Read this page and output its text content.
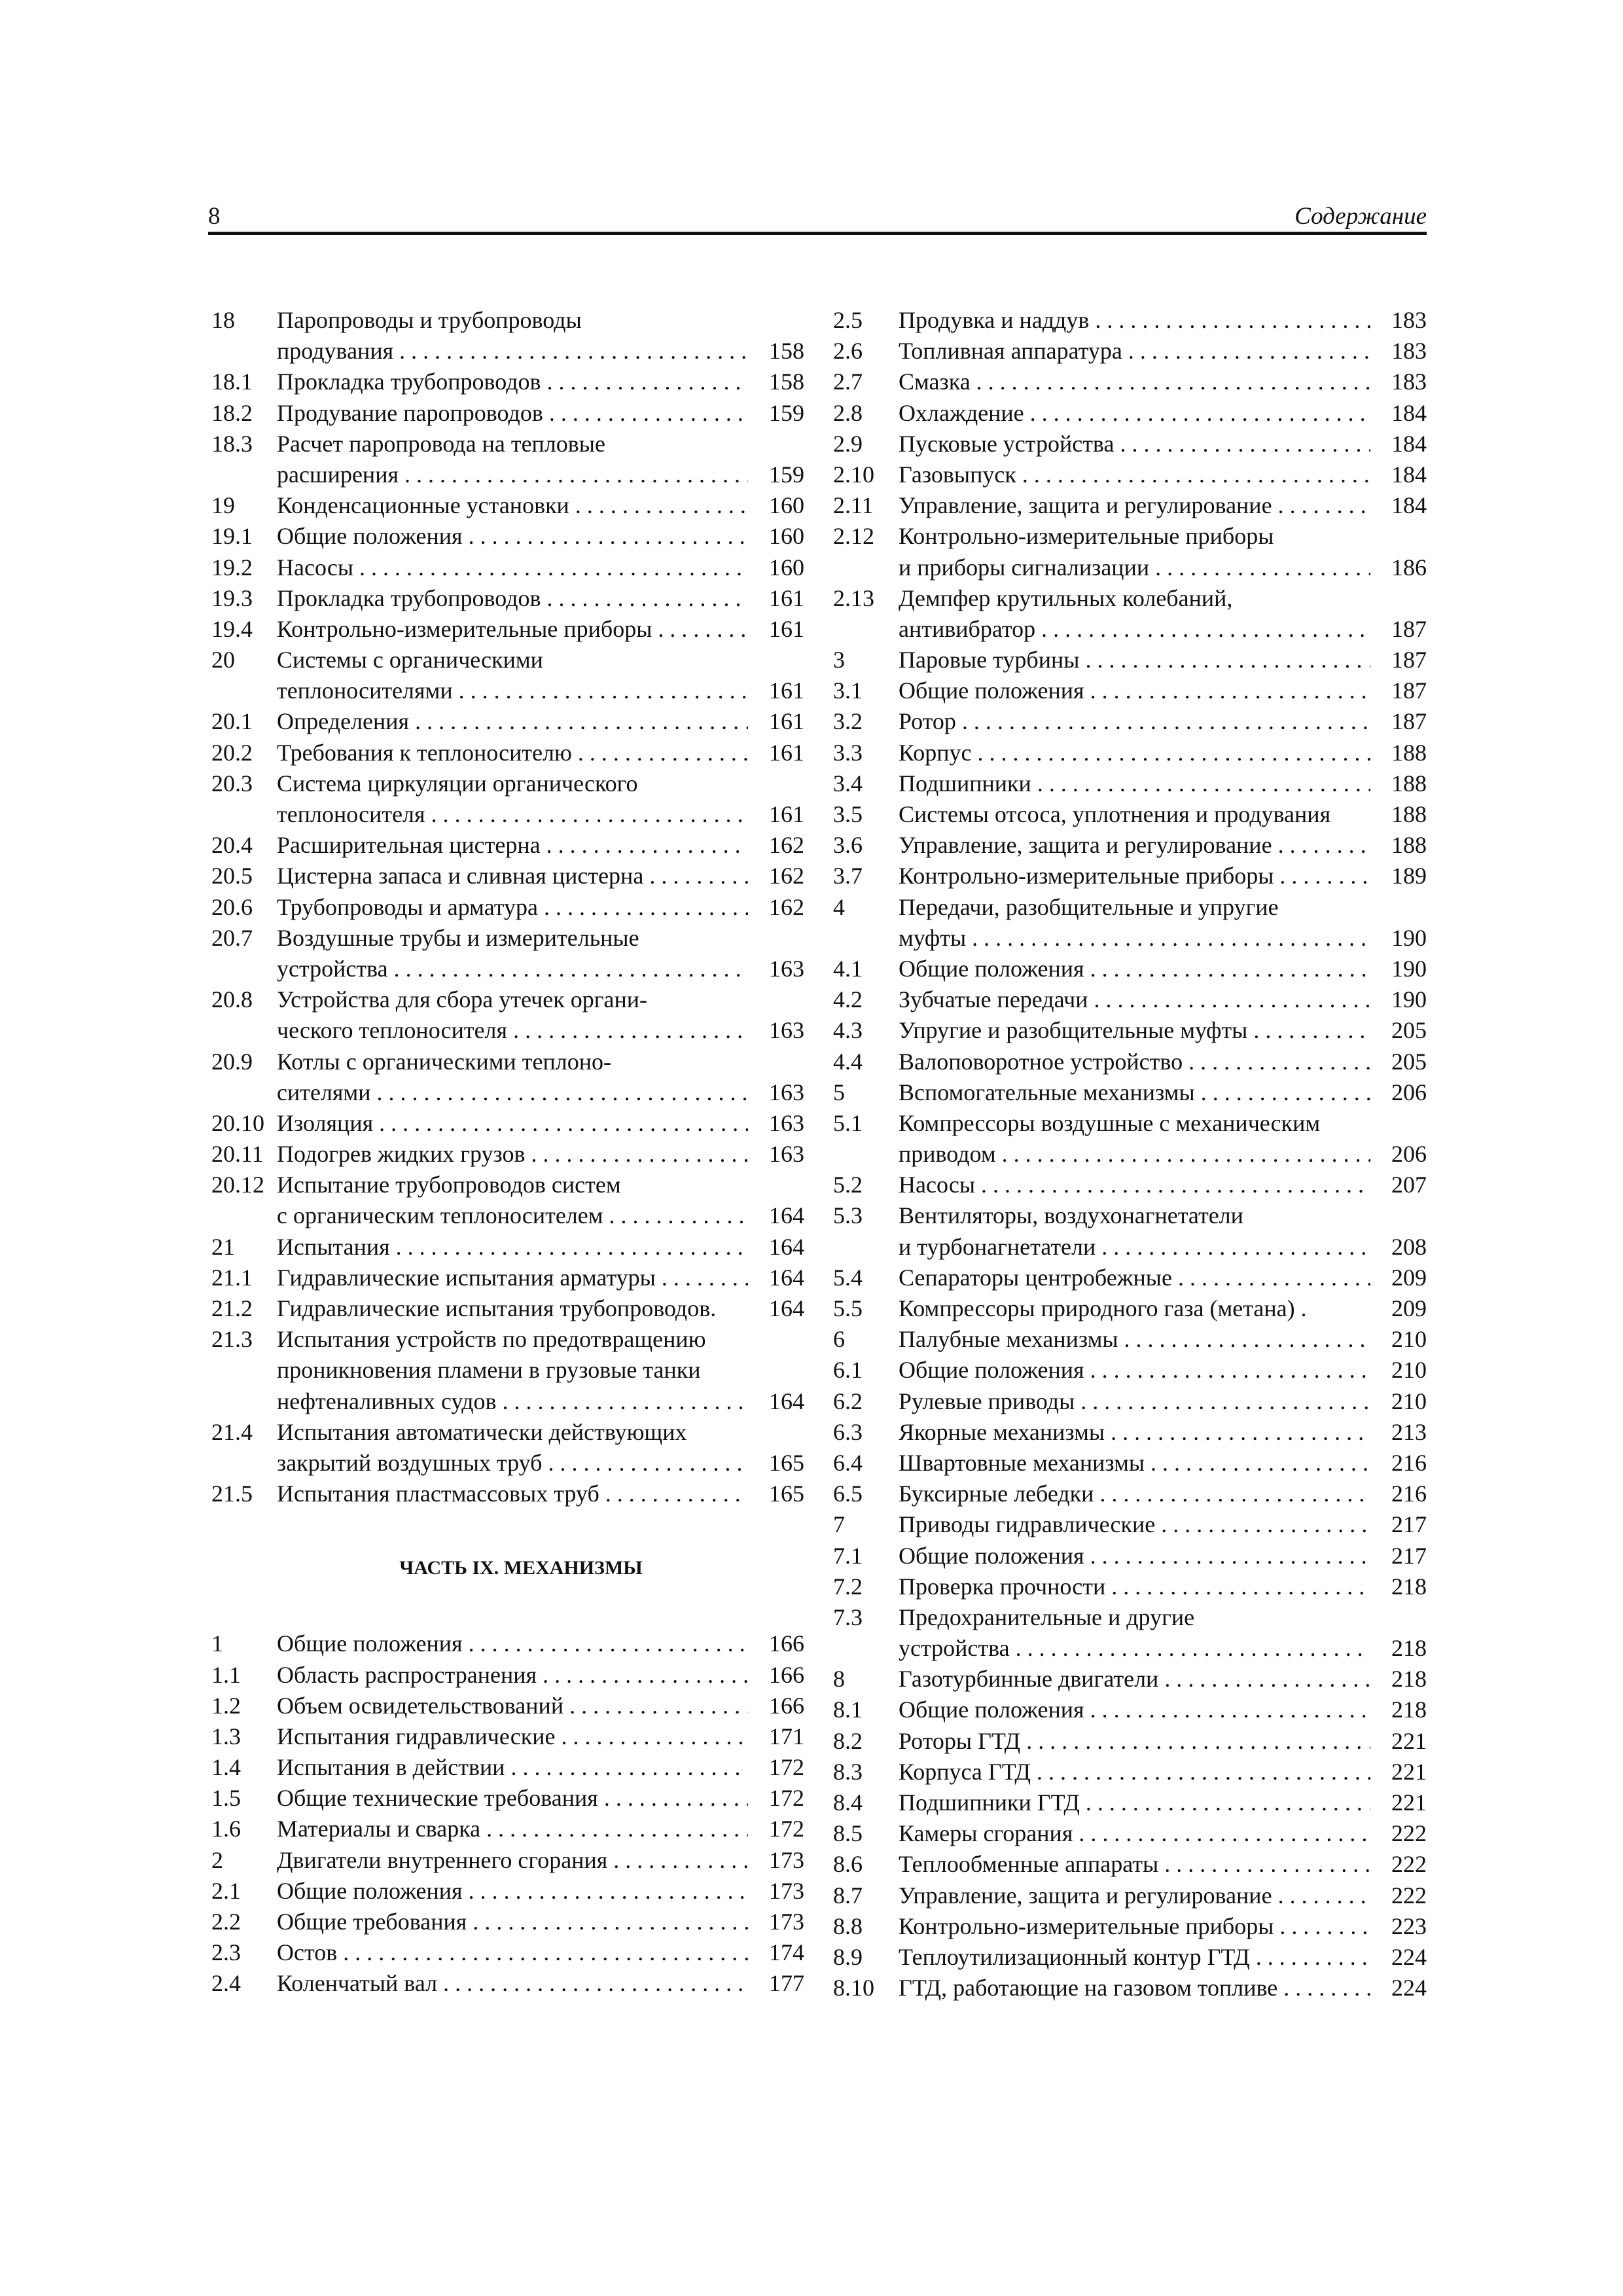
8	Содержание
18 Паропроводы и трубопроводы
продувания . . .	158
18.1 Прокладка трубопроводов . . .	158
18.2 Продувание паропроводов . . .	159
18.3 Расчет паропровода на тепловые
расширения . . .	159
19 Конденсационные установки . . .	160
19.1 Общие положения . . .	160
19.2 Насосы . . .	160
19.3 Прокладка трубопроводов . . .	161
19.4 Контрольно-измерительные приборы . . .	161
20 Системы с органическими
теплоносителями . . .	161
20.1 Определения . . .	161
20.2 Требования к теплоносителю . . .	161
20.3 Система циркуляции органического
теплоносителя . . .	161
20.4 Расширительная цистерна . . .	162
20.5 Цистерна запаса и сливная цистерна . . .	162
20.6 Трубопроводы и арматура . . .	162
20.7 Воздушные трубы и измерительные
устройства . . .	163
20.8 Устройства для сбора утечек органи-
ческого теплоносителя . . .	163
20.9 Котлы с органическими теплоно-
сителями . . .	163
20.10 Изоляция . . .	163
20.11 Подогрев жидких грузов . . .	163
20.12 Испытание трубопроводов систем
с органическим теплоносителем . . .	164
21 Испытания . . .	164
21.1 Гидравлические испытания арматуры . . .	164
21.2 Гидравлические испытания трубопроводов.	164
21.3 Испытания устройств по предотвращению
проникновения пламени в грузовые танки
нефтеналивных судов . . .	164
21.4 Испытания автоматически действующих
закрытий воздушных труб . . .	165
21.5 Испытания пластмассовых труб . . .	165
ЧАСТЬ IX. МЕХАНИЗМЫ
1 Общие положения . . .	166
1.1 Область распространения . . .	166
1.2 Объем освидетельствований . . .	166
1.3 Испытания гидравлические . . .	171
1.4 Испытания в действии . . .	172
1.5 Общие технические требования . . .	172
1.6 Материалы и сварка . . .	172
2 Двигатели внутреннего сгорания . . .	173
2.1 Общие положения . . .	173
2.2 Общие требования . . .	173
2.3 Остов . . .	174
2.4 Коленчатый вал . . .	177
2.5 Продувка и наддув . . .	183
2.6 Топливная аппаратура . . .	183
2.7 Смазка . . .	183
2.8 Охлаждение . . .	184
2.9 Пусковые устройства . . .	184
2.10 Газовыпуск . . .	184
2.11 Управление, защита и регулирование . . .	184
2.12 Контрольно-измерительные приборы
и приборы сигнализации . . .	186
2.13 Демпфер крутильных колебаний,
антивибратор . . .	187
3 Паровые турбины . . .	187
3.1 Общие положения . . .	187
3.2 Ротор . . .	187
3.3 Корпус . . .	188
3.4 Подшипники . . .	188
3.5 Системы отсоса, уплотнения и продувания	188
3.6 Управление, защита и регулирование . . .	188
3.7 Контрольно-измерительные приборы . . .	189
4 Передачи, разобщительные и упругие
муфты . . .	190
4.1 Общие положения . . .	190
4.2 Зубчатые передачи . . .	190
4.3 Упругие и разобщительные муфты . . .	205
4.4 Валоповоротное устройство . . .	205
5 Вспомогательные механизмы . . .	206
5.1 Компрессоры воздушные с механическим
приводом . . .	206
5.2 Насосы . . .	207
5.3 Вентиляторы, воздухонагнетатели
и турбонагнетатели . . .	208
5.4 Сепараторы центробежные . . .	209
5.5 Компрессоры природного газа (метана) .	209
6 Палубные механизмы . . .	210
6.1 Общие положения . . .	210
6.2 Рулевые приводы . . .	210
6.3 Якорные механизмы . . .	213
6.4 Швартовные механизмы . . .	216
6.5 Буксирные лебедки . . .	216
7 Приводы гидравлические . . .	217
7.1 Общие положения . . .	217
7.2 Проверка прочности . . .	218
7.3 Предохранительные и другие
устройства . . .	218
8 Газотурбинные двигатели . . .	218
8.1 Общие положения . . .	218
8.2 Роторы ГТД . . .	221
8.3 Корпуса ГТД . . .	221
8.4 Подшипники ГТД . . .	221
8.5 Камеры сгорания . . .	222
8.6 Теплообменные аппараты . . .	222
8.7 Управление, защита и регулирование . . .	222
8.8 Контрольно-измерительные приборы . . .	223
8.9 Теплоутилизационный контур ГТД . . .	224
8.10 ГТД, работающие на газовом топливе . . .	224
